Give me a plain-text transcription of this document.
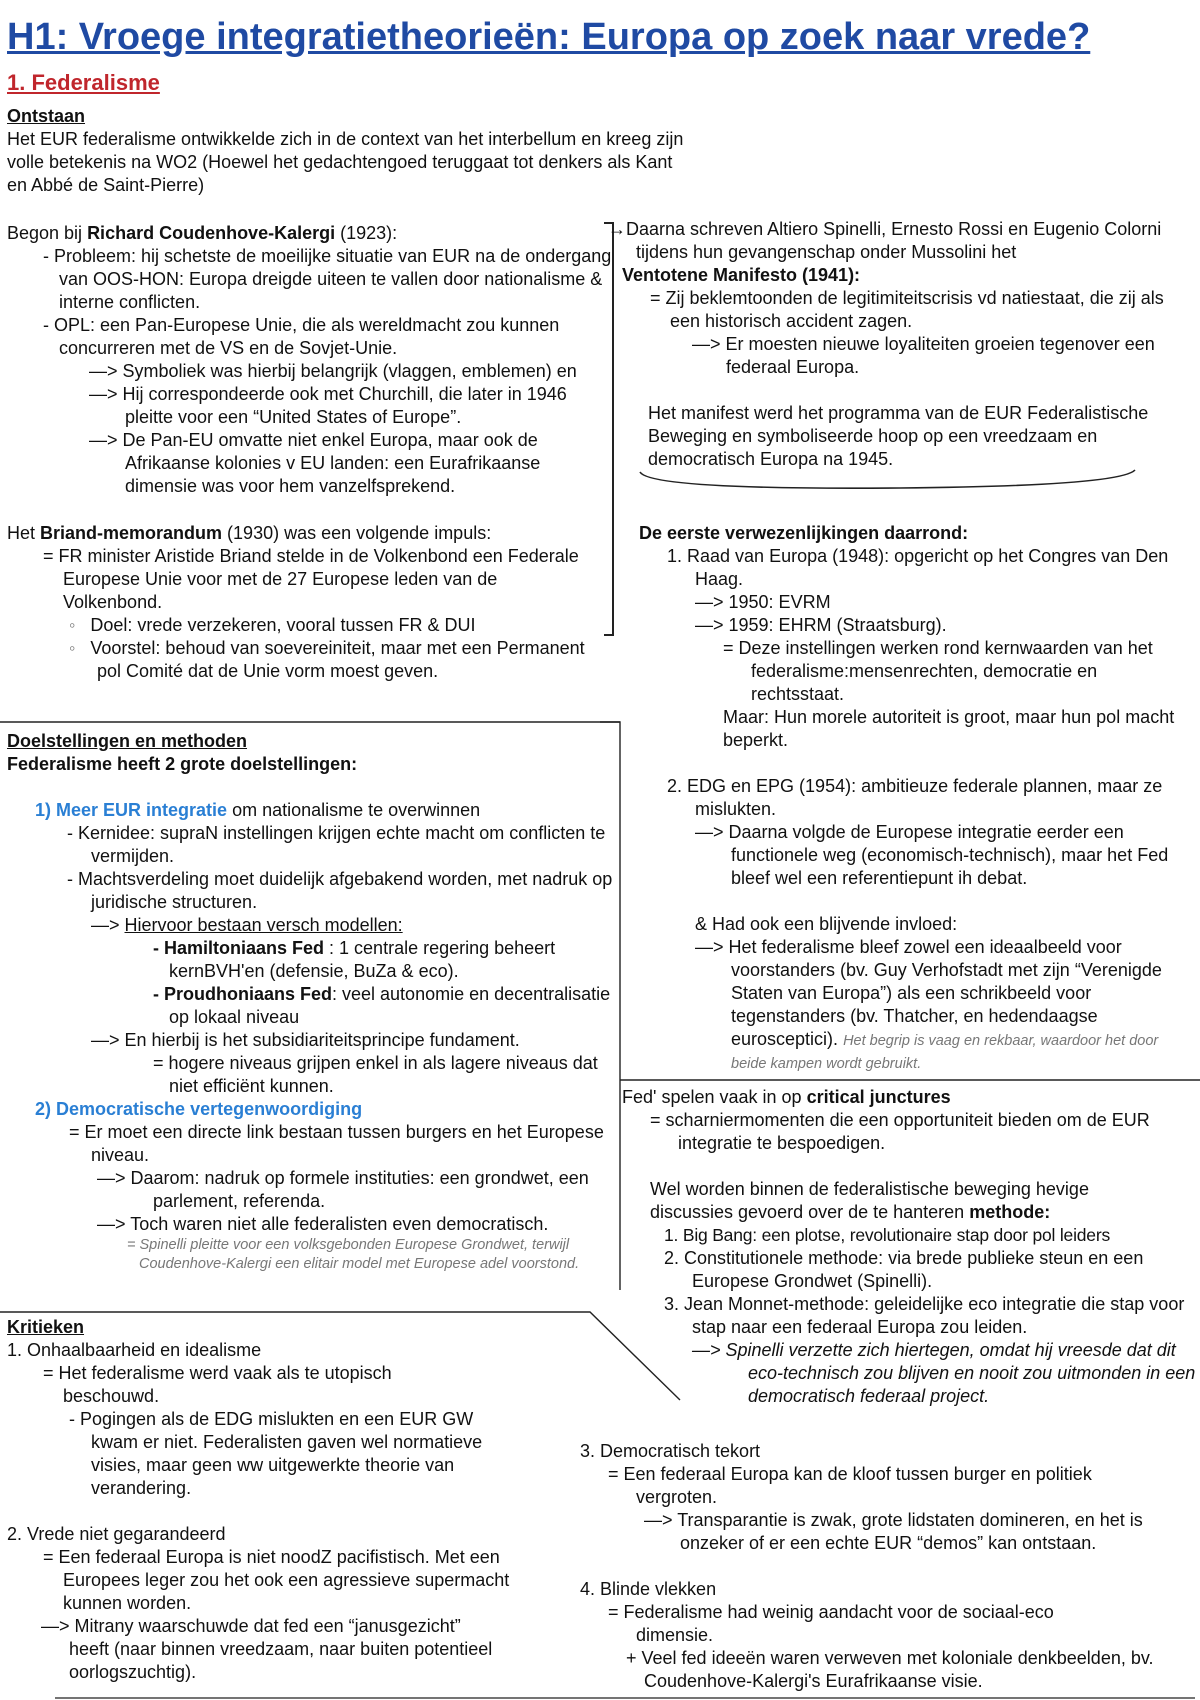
H1: Vroege integratietheorieën: Europa op zoek naar vrede?
1. Federalisme
Ontstaan
Het EUR federalisme ontwikkelde zich in de context van het interbellum en kreeg zijn volle betekenis na WO2 (Hoewel het gedachtengoed teruggaat tot denkers als Kant en Abbé de Saint-Pierre)
Begon bij Richard Coudenhove-Kalergi (1923):
- Probleem: hij schetste de moeilijke situatie van EUR na de ondergang van OOS-HON: Europa dreigde uiteen te vallen door nationalisme & interne conflicten.
- OPL: een Pan-Europese Unie, die als wereldmacht zou kunnen concurreren met de VS en de Sovjet-Unie.
—> Symboliek was hierbij belangrijk (vlaggen, emblemen) en
—> Hij correspondeerde ook met Churchill, die later in 1946 pleitte voor een “United States of Europe”.
—> De Pan-EU omvatte niet enkel Europa, maar ook de Afrikaanse kolonies v EU landen: een Eurafrikaanse dimensie was voor hem vanzelfsprekend.
Het Briand-memorandum (1930) was een volgende impuls:
= FR minister Aristide Briand stelde in de Volkenbond een Federale Europese Unie voor met de 27 Europese leden van de Volkenbond.
◦   Doel: vrede verzekeren, vooral tussen FR & DUI
◦   Voorstel: behoud van soevereiniteit, maar met een Permanent pol Comité dat de Unie vorm moest geven.
→Daarna schreven Altiero Spinelli, Ernesto Rossi en Eugenio Colorni tijdens hun gevangenschap onder Mussolini het
Ventotene Manifesto (1941):
= Zij beklemtoonden de legitimiteitscrisis vd natiestaat, die zij als een historisch accident zagen.
—> Er moesten nieuwe loyaliteiten groeien tegenover een federaal Europa.
Het manifest werd het programma van de EUR Federalistische Beweging en symboliseerde hoop op een vreedzaam en democratisch Europa na 1945.
De eerste verwezenlijkingen daarrond:
1. Raad van Europa (1948): opgericht op het Congres van Den Haag.
—> 1950: EVRM
—> 1959: EHRM (Straatsburg).
= Deze instellingen werken rond kernwaarden van het federalisme:mensenrechten, democratie en rechtsstaat.
Maar: Hun morele autoriteit is groot, maar hun pol macht beperkt.
2. EDG en EPG (1954): ambitieuze federale plannen, maar ze mislukten.
—> Daarna volgde de Europese integratie eerder een functionele weg (economisch-technisch), maar het Fed bleef wel een referentiepunt ih debat.
& Had ook een blijvende invloed:
—> Het federalisme bleef zowel een ideaalbeeld voor voorstanders (bv. Guy Verhofstadt met zijn “Verenigde Staten van Europa”) als een schrikbeeld voor tegenstanders (bv. Thatcher, en hedendaagse eurosceptici). Het begrip is vaag en rekbaar, waardoor het door beide kampen wordt gebruikt.
Doelstellingen en methoden
Federalisme heeft 2 grote doelstellingen:
1) Meer EUR integratie om nationalisme te overwinnen
- Kernidee: supraN instellingen krijgen echte macht om conflicten te vermijden.
- Machtsverdeling moet duidelijk afgebakend worden, met nadruk op juridische structuren.
—> Hiervoor bestaan versch modellen:
- Hamiltoniaans Fed : 1 centrale regering beheert kernBVH'en (defensie, BuZa & eco).
- Proudhoniaans Fed: veel autonomie en decentralisatie op lokaal niveau
—> En hierbij is het subsidiariteitsprincipe fundament.
= hogere niveaus grijpen enkel in als lagere niveaus dat niet efficiënt kunnen.
2) Democratische vertegenwoordiging
= Er moet een directe link bestaan tussen burgers en het Europese niveau.
—> Daarom: nadruk op formele instituties: een grondwet, een parlement, referenda.
—> Toch waren niet alle federalisten even democratisch.
= Spinelli pleitte voor een volksgebonden Europese Grondwet, terwijl Coudenhove-Kalergi een elitair model met Europese adel voorstond.
Fed' spelen vaak in op critical junctures
= scharniermomenten die een opportuniteit bieden om de EUR integratie te bespoedigen.
Wel worden binnen de federalistische beweging hevige discussies gevoerd over de te hanteren methode:
1. Big Bang: een plotse, revolutionaire stap door pol leiders
2. Constitutionele methode: via brede publieke steun en een Europese Grondwet (Spinelli).
3. Jean Monnet-methode: geleidelijke eco integratie die stap voor stap naar een federaal Europa zou leiden.
—> Spinelli verzette zich hiertegen, omdat hij vreesde dat dit eco-technisch zou blijven en nooit zou uitmonden in een democratisch federaal project.
Kritieken
1. Onhaalbaarheid en idealisme
= Het federalisme werd vaak als te utopisch beschouwd.
- Pogingen als de EDG mislukten en een EUR GW kwam er niet. Federalisten gaven wel normatieve visies, maar geen ww uitgewerkte theorie van verandering.
2. Vrede niet gegarandeerd
= Een federaal Europa is niet noodZ pacifistisch. Met een Europees leger zou het ook een agressieve supermacht kunnen worden.
—> Mitrany waarschuwde dat fed een “janusgezicht” heeft (naar binnen vreedzaam, naar buiten potentieel oorlogszuchtig).
3. Democratisch tekort
= Een federaal Europa kan de kloof tussen burger en politiek vergroten.
—> Transparantie is zwak, grote lidstaten domineren, en het is onzeker of er een echte EUR “demos” kan ontstaan.
4. Blinde vlekken
= Federalisme had weinig aandacht voor de sociaal-eco dimensie.
+ Veel fed ideeën waren verweven met koloniale denkbeelden, bv. Coudenhove-Kalergi's Eurafrikaanse visie.
